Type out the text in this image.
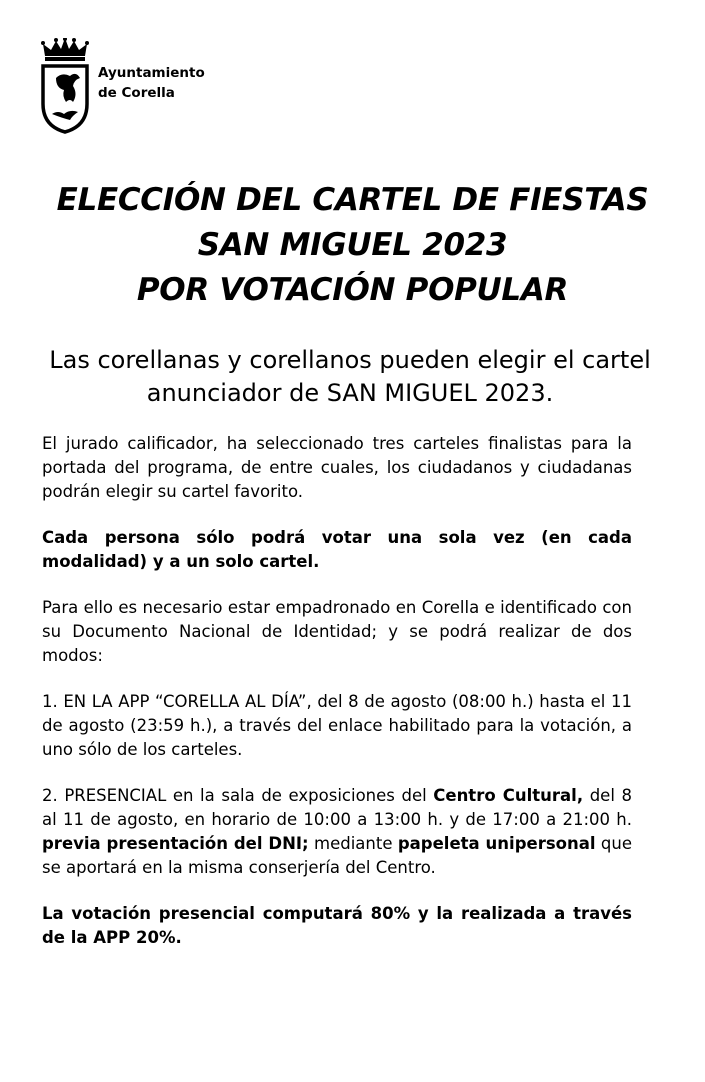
Ayuntamiento
de Corella
ELECCIÓN DEL CARTEL DE FIESTAS
SAN MIGUEL 2023
POR VOTACIÓN POPULAR
Las corellanas y corellanos pueden elegir el cartel anunciador de SAN MIGUEL 2023.

El jurado calificador, ha seleccionado tres carteles finalistas para la portada del programa, de entre cuales, los ciudadanos y ciudadanas podrán elegir su cartel favorito.

Cada persona sólo podrá votar una sola vez (en cada modalidad) y a un solo cartel.

Para ello es necesario estar empadronado en Corella e identificado con su Documento Nacional de Identidad; y se podrá realizar de dos modos:

1. EN LA APP “CORELLA AL DÍA”, del 8 de agosto (08:00 h.) hasta el 11 de agosto (23:59 h.), a través del enlace habilitado para la votación, a uno sólo de los carteles.

2. PRESENCIAL en la sala de exposiciones del Centro Cultural, del 8 al 11 de agosto, en horario de 10:00 a 13:00 h. y de 17:00 a 21:00 h. previa presentación del DNI; mediante papeleta unipersonal que se aportará en la misma conserjería del Centro.

La votación presencial computará 80% y la realizada a través de la APP 20%.
